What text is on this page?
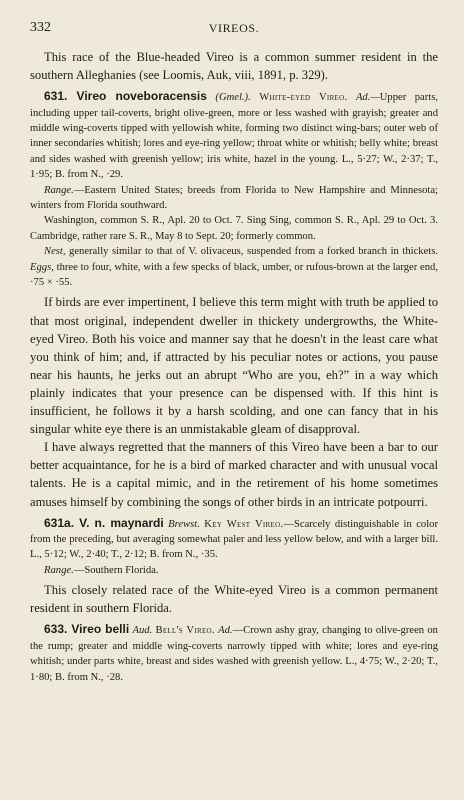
332	VIREOS.

This race of the Blue-headed Vireo is a common summer resident in the southern Alleghanies (see Loomis, Auk, viii, 1891, p. 329).

631. Vireo noveboracensis (Gmel.). White-eyed Vireo. Ad.—Upper parts, including upper tail-coverts, bright olive-green, more or less washed with grayish; greater and middle wing-coverts tipped with yellowish white, forming two distinct wing-bars; outer web of inner secondaries whitish; lores and eye-ring yellow; throat white or whitish; belly white; breast and sides washed with greenish yellow; iris white, hazel in the young. L., 5·27; W., 2·37; T., 1·95; B. from N., ·29.

Range.—Eastern United States; breeds from Florida to New Hampshire and Minnesota; winters from Florida southward.

Washington, common S. R., Apl. 20 to Oct. 7. Sing Sing, common S. R., Apl. 29 to Oct. 3. Cambridge, rather rare S. R., May 8 to Sept. 20; formerly common.

Nest, generally similar to that of V. olivaceus, suspended from a forked branch in thickets. Eggs, three to four, white, with a few specks of black, umber, or rufous-brown at the larger end, ·75 × ·55.

If birds are ever impertinent, I believe this term might with truth be applied to that most original, independent dweller in thickety undergrowths, the White-eyed Vireo. Both his voice and manner say that he doesn't in the least care what you think of him; and, if attracted by his peculiar notes or actions, you pause near his haunts, he jerks out an abrupt “Who are you, eh?” in a way which plainly indicates that your presence can be dispensed with. If this hint is insufficient, he follows it by a harsh scolding, and one can fancy that in his singular white eye there is an unmistakable gleam of disapproval.

I have always regretted that the manners of this Vireo have been a bar to our better acquaintance, for he is a bird of marked character and with unusual vocal talents. He is a capital mimic, and in the retirement of his home sometimes amuses himself by combining the songs of other birds in an intricate potpourri.

631a. V. n. maynardi Brewst. Key West Vireo.—Scarcely distinguishable in color from the preceding, but averaging somewhat paler and less yellow below, and with a larger bill. L., 5·12; W., 2·40; T., 2·12; B. from N., ·35.

Range.—Southern Florida.

This closely related race of the White-eyed Vireo is a common permanent resident in southern Florida.

633. Vireo belli Aud. Bell's Vireo. Ad.—Crown ashy gray, changing to olive-green on the rump; greater and middle wing-coverts narrowly tipped with white; lores and eye-ring whitish; under parts white, breast and sides washed with greenish yellow. L., 4·75; W., 2·20; T., 1·80; B. from N., ·28.
